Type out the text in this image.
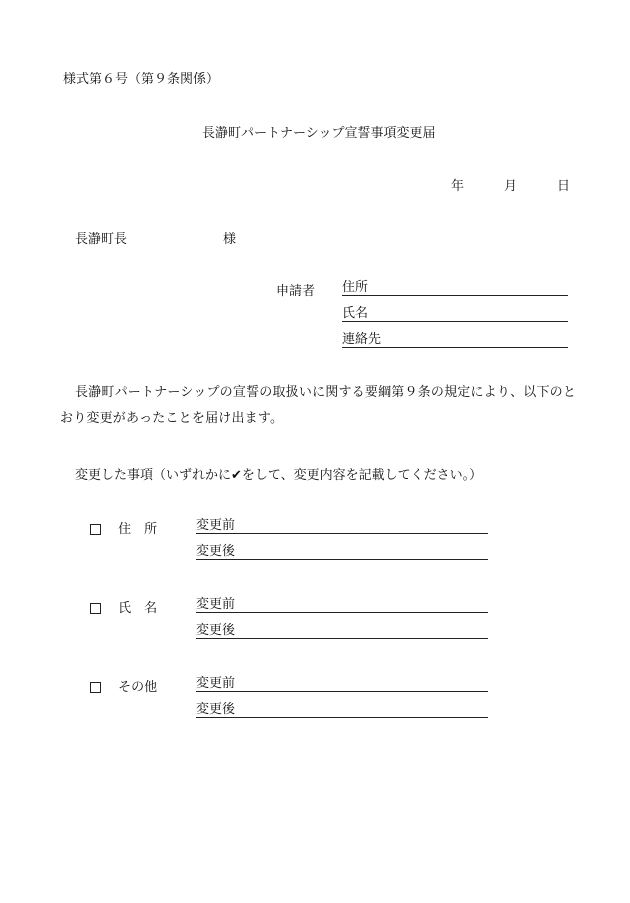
様式第６号（第９条関係）
長瀞町パートナーシップ宣誓事項変更届
年	月	日
長瀞町長	様
申請者 住所
氏名
連絡先
長瀞町パートナーシップの宣誓の取扱いに関する要綱第９条の規定により、以下のとおり変更があったことを届け出ます。
変更した事項（いずれかに✔をして、変更内容を記載してください。）
住　所	変更前
変更後
氏　名	変更前
変更後
その他	変更前
変更後
